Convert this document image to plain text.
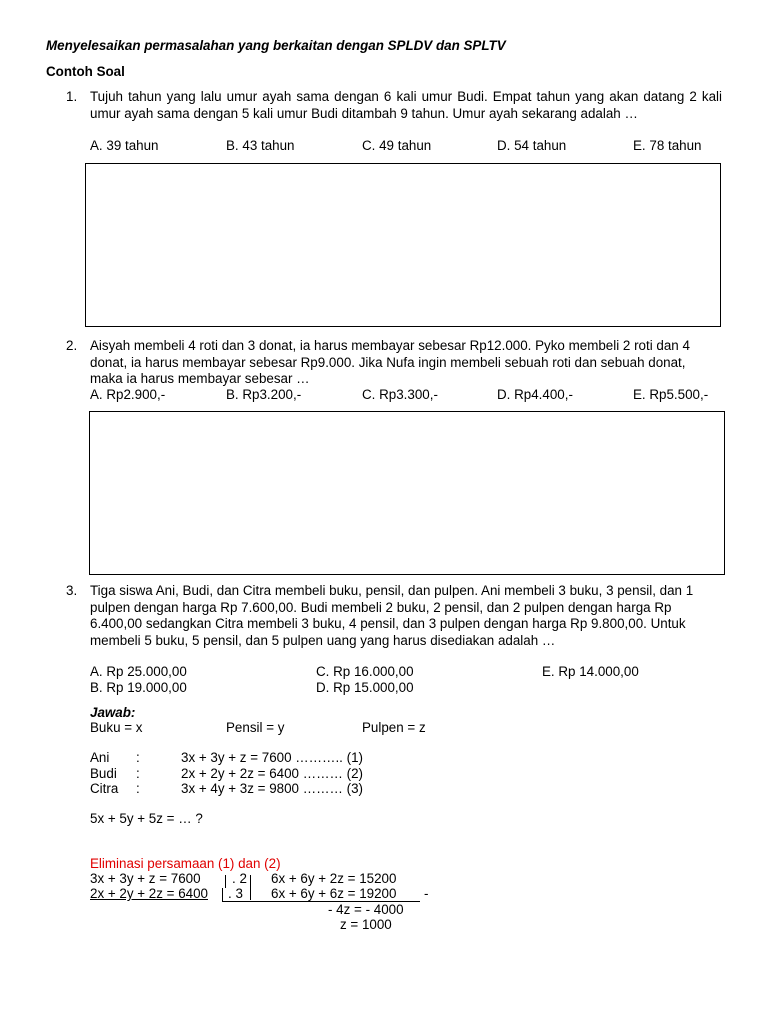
Menyelesaikan permasalahan yang berkaitan dengan SPLDV dan SPLTV
Contoh Soal
1. Tujuh tahun yang lalu umur ayah sama dengan 6 kali umur Budi. Empat tahun yang akan datang 2 kali umur ayah sama dengan 5 kali umur Budi ditambah 9 tahun. Umur ayah sekarang adalah …
A. 39 tahun	B. 43 tahun	C. 49 tahun	D. 54 tahun	E. 78 tahun
2. Aisyah membeli 4 roti dan 3 donat, ia harus membayar sebesar Rp12.000. Pyko membeli 2 roti dan 4 donat, ia harus membayar sebesar Rp9.000. Jika Nufa ingin membeli sebuah roti dan sebuah donat, maka ia harus membayar sebesar …
A. Rp2.900,-	B. Rp3.200,-	C. Rp3.300,-	D. Rp4.400,-	E. Rp5.500,-
3. Tiga siswa Ani, Budi, dan Citra membeli buku, pensil, dan pulpen. Ani membeli 3 buku, 3 pensil, dan 1 pulpen dengan harga Rp 7.600,00. Budi membeli 2 buku, 2 pensil, dan 2 pulpen dengan harga Rp 6.400,00 sedangkan Citra membeli 3 buku, 4 pensil, dan 3 pulpen dengan harga Rp 9.800,00. Untuk membeli 5 buku, 5 pensil, dan 5 pulpen uang yang harus disediakan adalah …
A. Rp 25.000,00	C. Rp 16.000,00	E. Rp 14.000,00
B. Rp 19.000,00	D. Rp 15.000,00
Jawab:
Buku = x	Pensil = y	Pulpen = z
Ani :	3x + 3y + z = 7600 ……….. (1)
Budi :	2x + 2y + 2z = 6400 ……… (2)
Citra :	3x + 4y + 3z = 9800 ……… (3)
5x + 5y + 5z = … ?
Eliminasi persamaan (1) dan (2)
3x + 3y + z = 7600 . 2 6x + 6y + 2z = 15200
2x + 2y + 2z = 6400 . 3 6x + 6y + 6z = 19200 -
- 4z = - 4000
z = 1000
